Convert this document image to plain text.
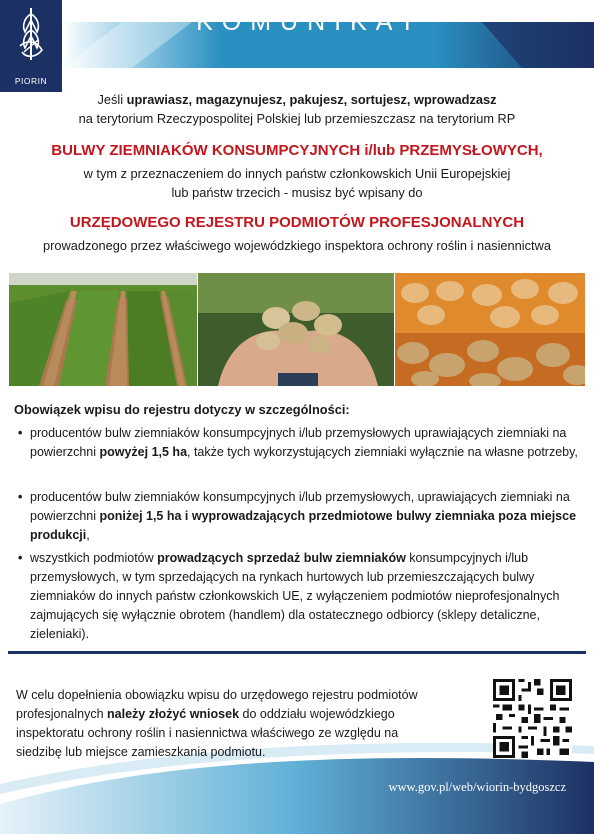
PIORIN
KOMUNIKAT
Jeśli uprawiasz, magazynujesz, pakujesz, sortujesz, wprowadzasz
na terytorium Rzeczypospolitej Polskiej lub przemieszczasz na terytorium RP
BULWY ZIEMNIAKÓW KONSUMPCYJNYCH i/lub PRZEMYSŁOWYCH,
w tym z przeznaczeniem do innych państw członkowskich Unii Europejskiej
lub państw trzecich - musisz być wpisany do
URZĘDOWEGO REJESTRU PODMIOTÓW PROFESJONALNYCH
prowadzonego przez właściwego wojewódzkiego inspektora ochrony roślin i nasiennictwa
Obowiązek wpisu do rejestru dotyczy w szczególności:
• producentów bulw ziemniaków konsumpcyjnych i/lub przemysłowych uprawiających ziemniaki na powierzchni powyżej 1,5 ha, także tych wykorzystujących ziemniaki wyłącznie na własne potrzeby,
• producentów bulw ziemniaków konsumpcyjnych i/lub przemysłowych, uprawiających ziemniaki na powierzchni poniżej 1,5 ha i wyprowadzających przedmiotowe bulwy ziemniaka poza miejsce produkcji,
• wszystkich podmiotów prowadzących sprzedaż bulw ziemniaków konsumpcyjnych i/lub przemysłowych, w tym sprzedających na rynkach hurtowych lub przemieszczających bulwy ziemniaków do innych państw członkowskich UE, z wyłączeniem podmiotów nieprofesjonalnych zajmujących się wyłącznie obrotem (handlem) dla ostatecznego odbiorcy (sklepy detaliczne, zieleniaki).
W celu dopełnienia obowiązku wpisu do urzędowego rejestru podmiotów profesjonalnych należy złożyć wniosek do oddziału wojewódzkiego inspektoratu ochrony roślin i nasiennictwa właściwego ze względu na siedzibę lub miejsce zamieszkania podmiotu.
www.gov.pl/web/wiorin-bydgoszcz
